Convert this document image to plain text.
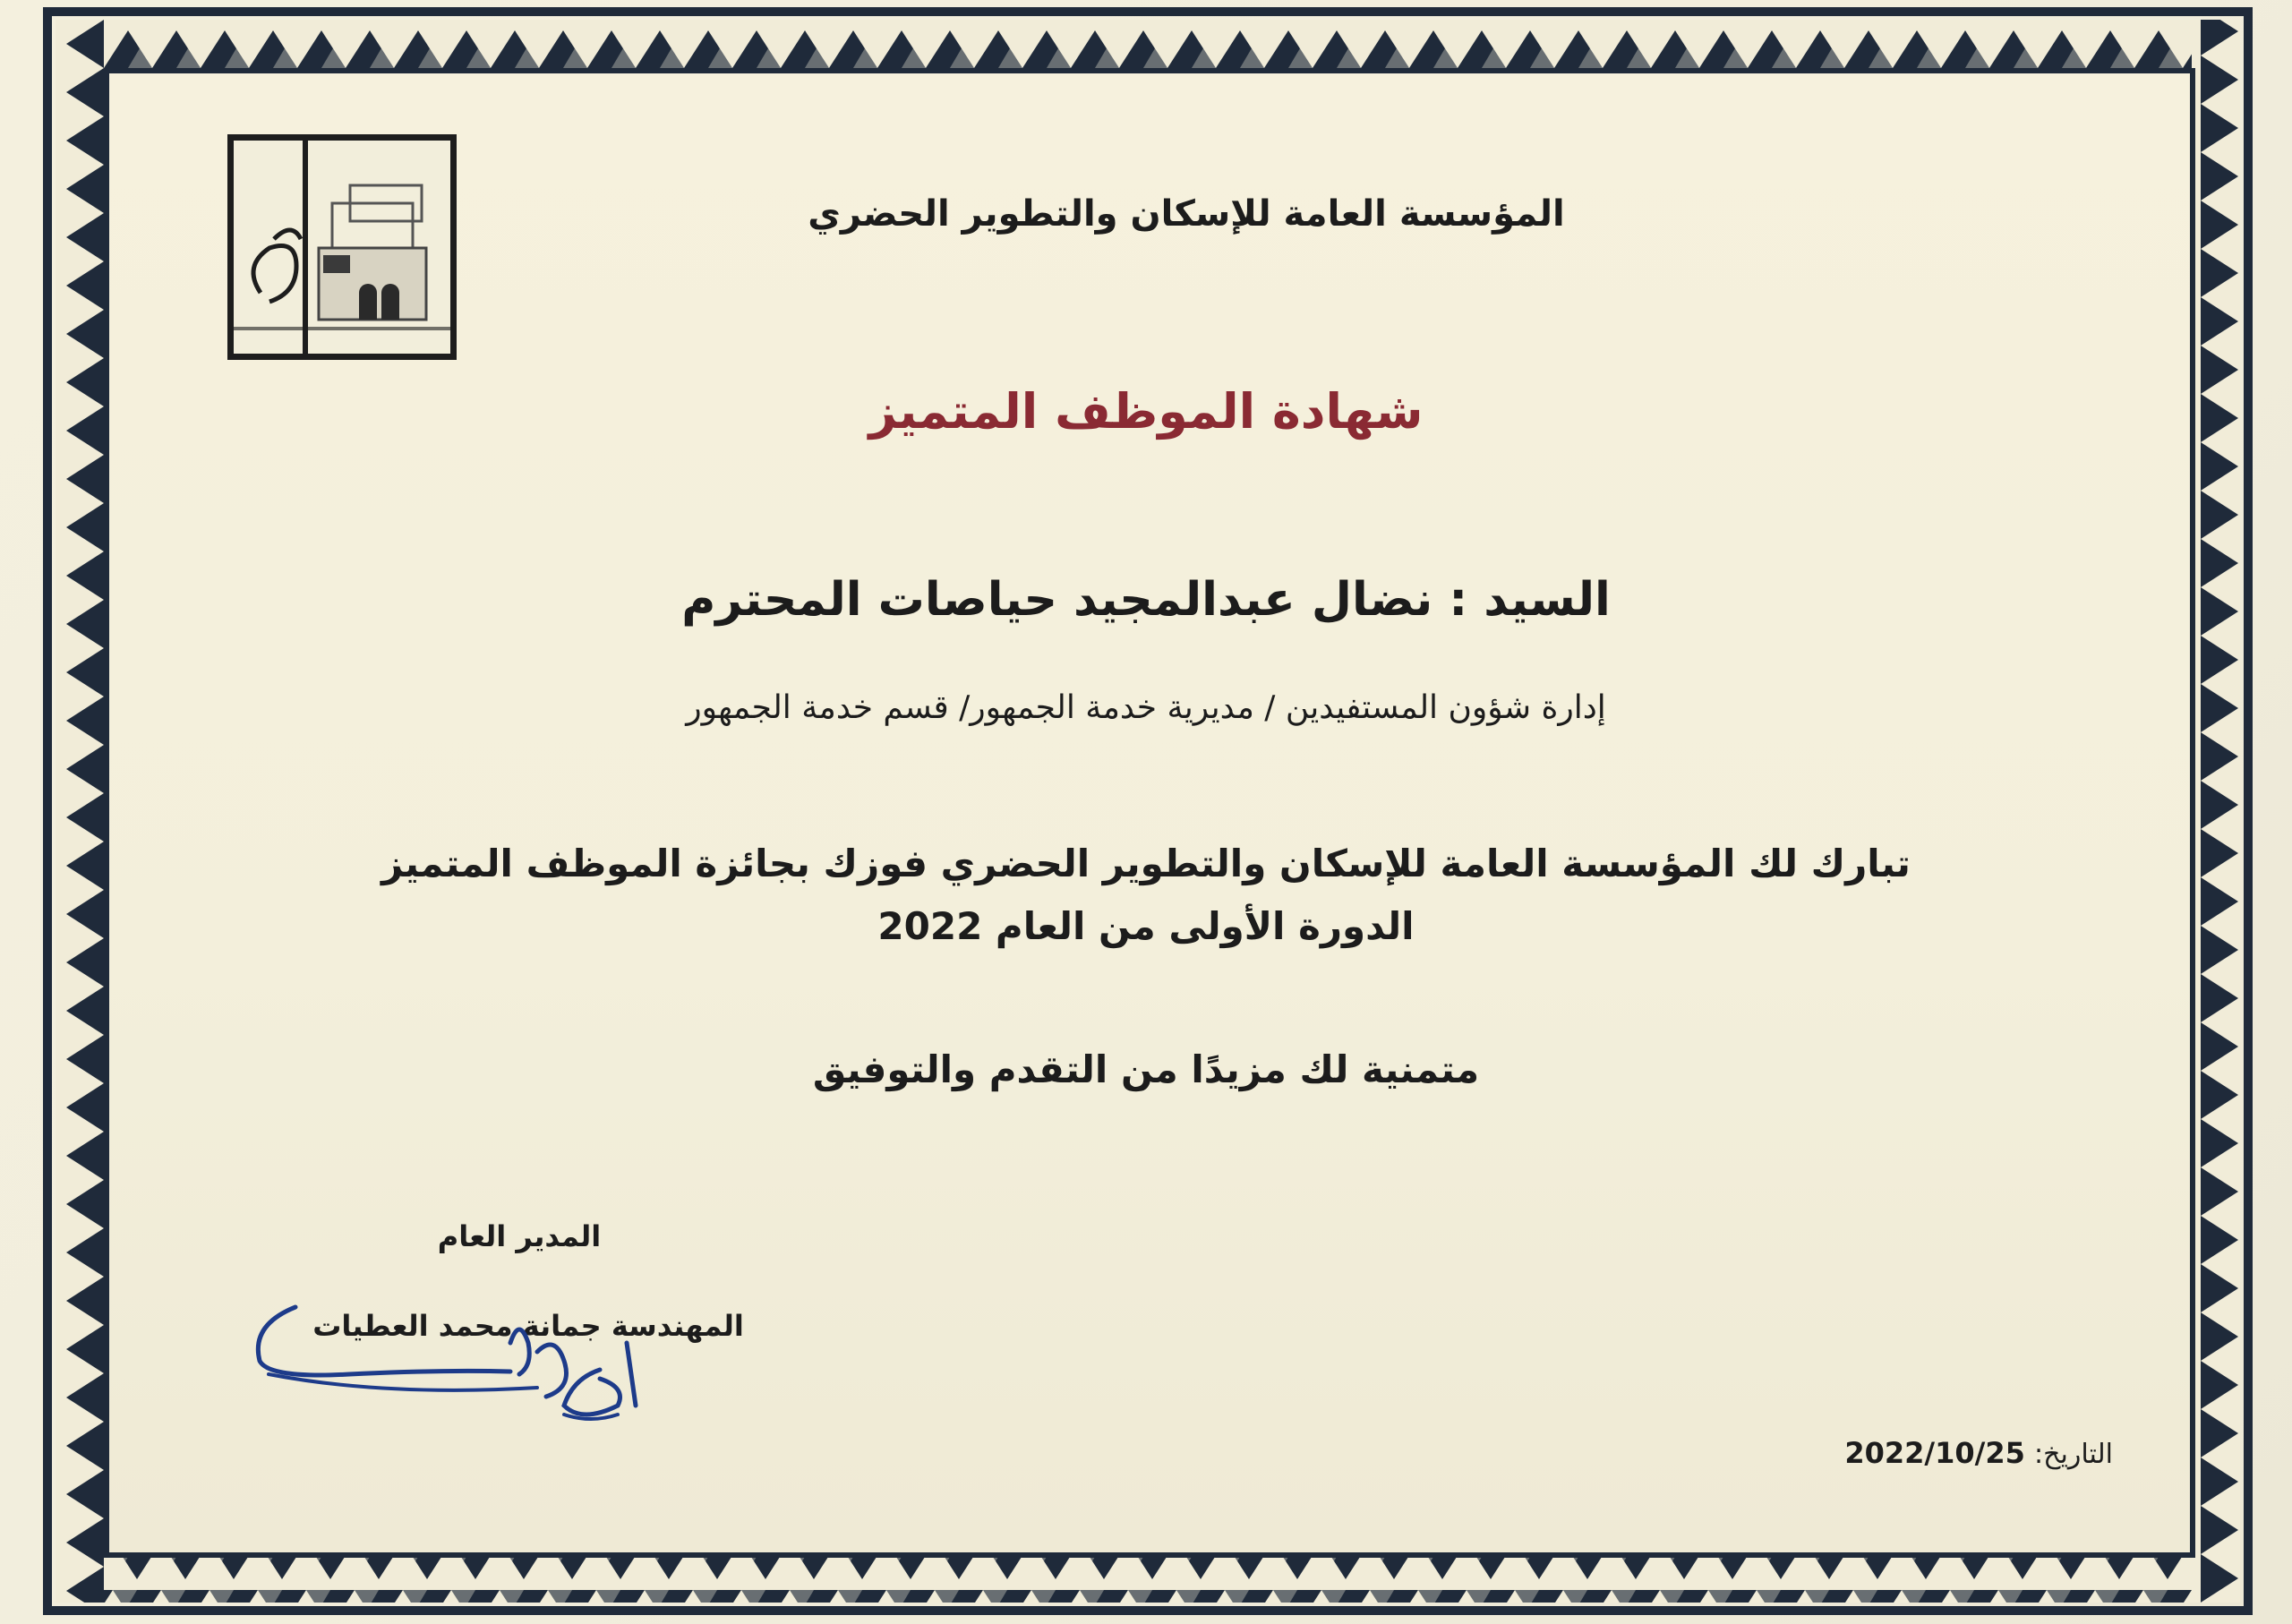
المؤسسة العامة للإسكان والتطوير الحضري
شهادة الموظف المتميز
السيد : نضال عبدالمجيد حياصات المحترم
إدارة شؤون المستفيدين / مديرية خدمة الجمهور/ قسم خدمة الجمهور
تبارك لك المؤسسة العامة للإسكان والتطوير الحضري فوزك بجائزة الموظف المتميز
الدورة الأولى من العام 2022
متمنية لك مزيدًا من التقدم والتوفيق
المدير العام
المهندسة جمانة محمد العطيات
التاريخ: 2022/10/25
